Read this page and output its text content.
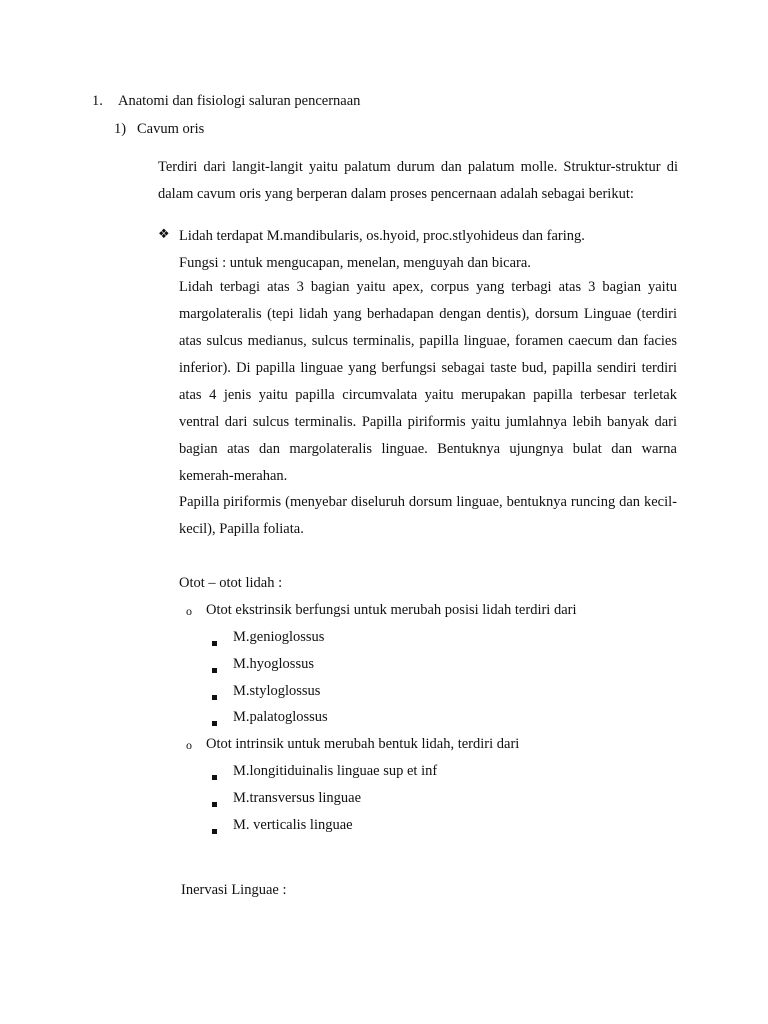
1. Anatomi dan fisiologi saluran pencernaan
1) Cavum oris
Terdiri dari langit-langit yaitu palatum durum dan palatum molle. Struktur-struktur di dalam cavum oris yang berperan dalam proses pencernaan adalah sebagai berikut:
❖ Lidah terdapat M.mandibularis, os.hyoid, proc.stlyohideus dan faring.
Fungsi : untuk mengucapan, menelan, menguyah dan bicara.
Lidah terbagi atas 3 bagian yaitu apex, corpus yang terbagi atas 3 bagian yaitu margolateralis (tepi lidah yang berhadapan dengan dentis), dorsum Linguae (terdiri atas sulcus medianus, sulcus terminalis, papilla linguae, foramen caecum dan facies inferior). Di papilla linguae yang berfungsi sebagai taste bud, papilla sendiri terdiri atas 4 jenis yaitu papilla circumvalata yaitu merupakan papilla terbesar terletak ventral dari sulcus terminalis. Papilla piriformis yaitu jumlahnya lebih banyak dari bagian atas dan margolateralis linguae. Bentuknya ujungnya bulat dan warna kemerah-merahan.
Papilla piriformis (menyebar diseluruh dorsum linguae, bentuknya runcing dan kecil-kecil), Papilla foliata.
Otot – otot lidah :
o Otot ekstrinsik berfungsi untuk merubah posisi lidah terdiri dari
M.genioglossus
M.hyoglossus
M.styloglossus
M.palatoglossus
o Otot intrinsik untuk merubah bentuk lidah, terdiri dari
M.longitiduinalis linguae sup et inf
M.transversus linguae
M. verticalis linguae
Inervasi Linguae :
